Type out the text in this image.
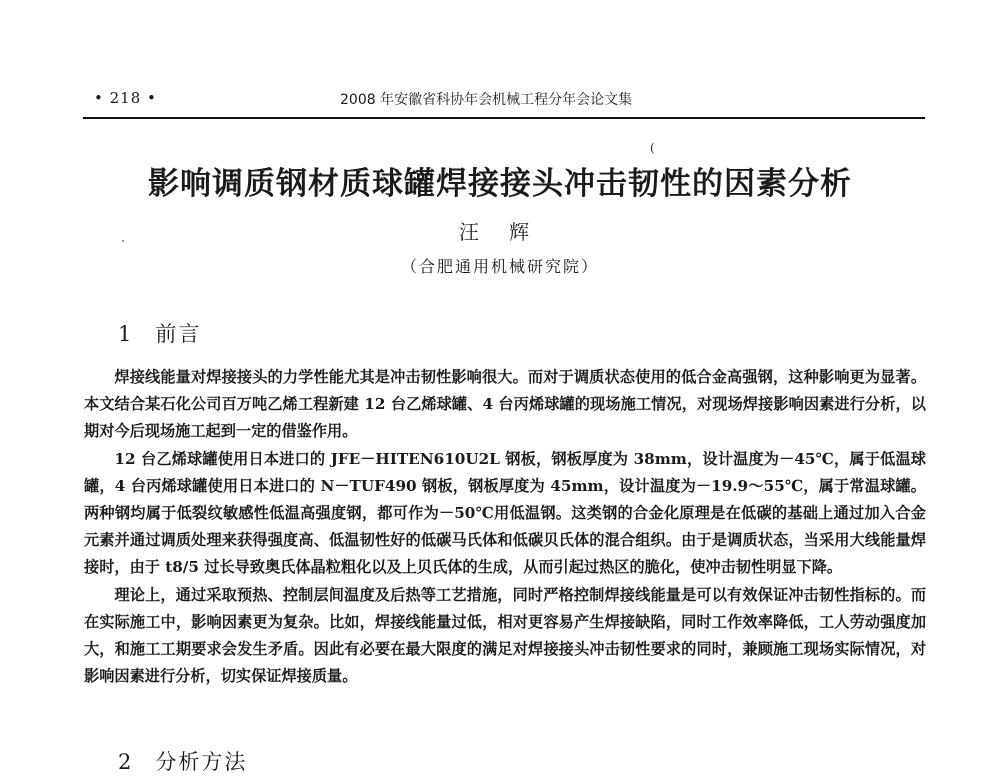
• 218 •	2008 年安徽省科协年会机械工程分年会论文集
(
影响调质钢材质球罐焊接接头冲击韧性的因素分析
汪 辉
（合肥通用机械研究院）
1 前言

焊接线能量对焊接接头的力学性能尤其是冲击韧性影响很大。而对于调质状态使用的低合金高强钢，这种影响更为显著。本文结合某石化公司百万吨乙烯工程新建 12 台乙烯球罐、4 台丙烯球罐的现场施工情况，对现场焊接影响因素进行分析，以期对今后现场施工起到一定的借鉴作用。

12 台乙烯球罐使用日本进口的 JFE－HITEN610U2L 钢板，钢板厚度为 38mm，设计温度为－45℃，属于低温球罐，4 台丙烯球罐使用日本进口的 N－TUF490 钢板，钢板厚度为 45mm，设计温度为－19.9～55℃，属于常温球罐。两种钢均属于低裂纹敏感性低温高强度钢，都可作为－50℃用低温钢。这类钢的合金化原理是在低碳的基础上通过加入合金元素并通过调质处理来获得强度高、低温韧性好的低碳马氏体和低碳贝氏体的混合组织。由于是调质状态，当采用大线能量焊接时，由于 t8/5 过长导致奥氏体晶粒粗化以及上贝氏体的生成，从而引起过热区的脆化，使冲击韧性明显下降。

理论上，通过采取预热、控制层间温度及后热等工艺措施，同时严格控制焊接线能量是可以有效保证冲击韧性指标的。而在实际施工中，影响因素更为复杂。比如，焊接线能量过低，相对更容易产生焊接缺陷，同时工作效率降低，工人劳动强度加大，和施工工期要求会发生矛盾。因此有必要在最大限度的满足对焊接接头冲击韧性要求的同时，兼顾施工现场实际情况，对影响因素进行分析，切实保证焊接质量。

2 分析方法
